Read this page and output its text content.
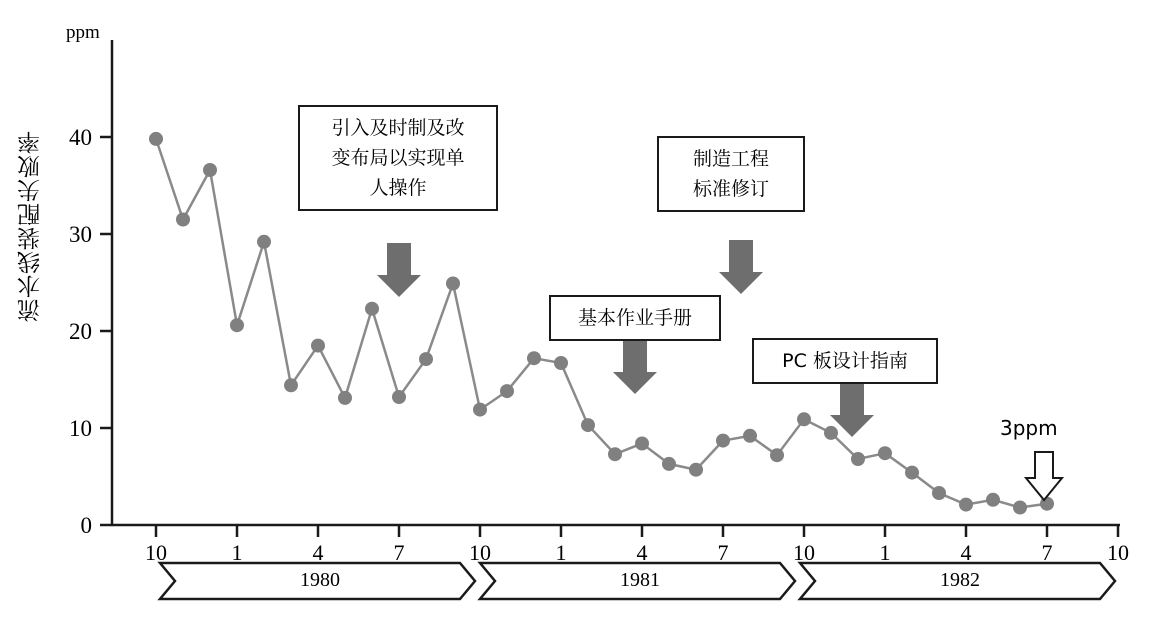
ppm
流水线装配失败率
0
10
20
30
40
10	1	4	7	10	1	4	7	10	1	4	7 10
引入及时制及改
变布局以实现单
人操作
制造工程
标准修订
基本作业手册
PC 板设计指南
3ppm
1980	1981	1982
